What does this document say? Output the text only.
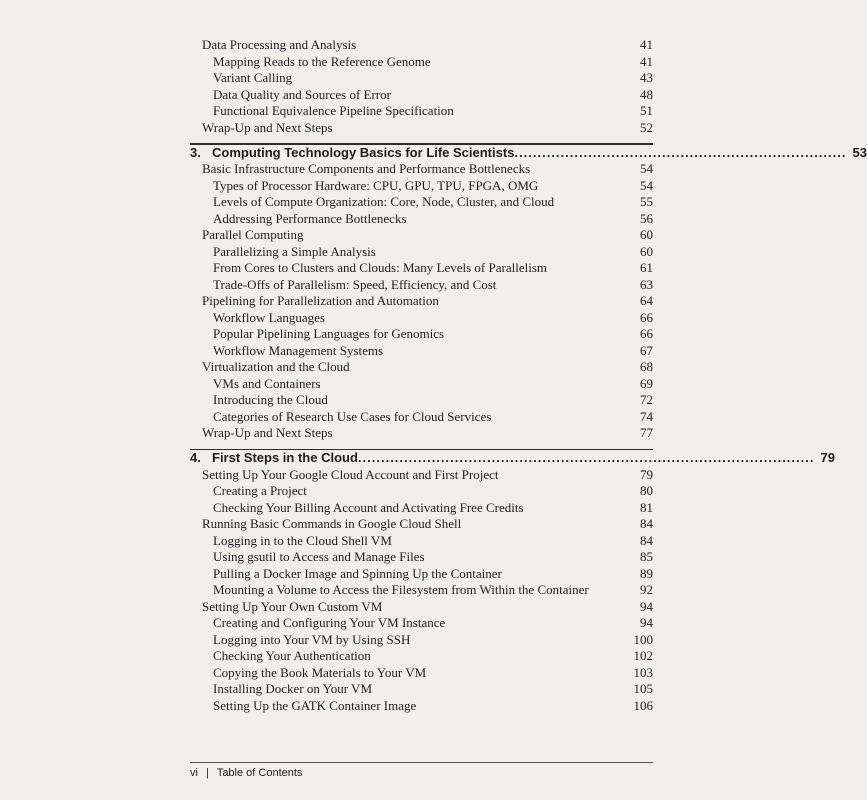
Data Processing and Analysis	41
Mapping Reads to the Reference Genome	41
Variant Calling	43
Data Quality and Sources of Error	48
Functional Equivalence Pipeline Specification	51
Wrap-Up and Next Steps	52
3. Computing Technology Basics for Life Scientists ........................................................................ 53
Basic Infrastructure Components and Performance Bottlenecks	54
Types of Processor Hardware: CPU, GPU, TPU, FPGA, OMG	54
Levels of Compute Organization: Core, Node, Cluster, and Cloud	55
Addressing Performance Bottlenecks	56
Parallel Computing	60
Parallelizing a Simple Analysis	60
From Cores to Clusters and Clouds: Many Levels of Parallelism	61
Trade-Offs of Parallelism: Speed, Efficiency, and Cost	63
Pipelining for Parallelization and Automation	64
Workflow Languages	66
Popular Pipelining Languages for Genomics	66
Workflow Management Systems	67
Virtualization and the Cloud	68
VMs and Containers	69
Introducing the Cloud	72
Categories of Research Use Cases for Cloud Services	74
Wrap-Up and Next Steps	77
4. First Steps in the Cloud ................................................................................................... 79
Setting Up Your Google Cloud Account and First Project	79
Creating a Project	80
Checking Your Billing Account and Activating Free Credits	81
Running Basic Commands in Google Cloud Shell	84
Logging in to the Cloud Shell VM	84
Using gsutil to Access and Manage Files	85
Pulling a Docker Image and Spinning Up the Container	89
Mounting a Volume to Access the Filesystem from Within the Container	92
Setting Up Your Own Custom VM	94
Creating and Configuring Your VM Instance	94
Logging into Your VM by Using SSH	100
Checking Your Authentication	102
Copying the Book Materials to Your VM	103
Installing Docker on Your VM	105
Setting Up the GATK Container Image	106
vi | Table of Contents
